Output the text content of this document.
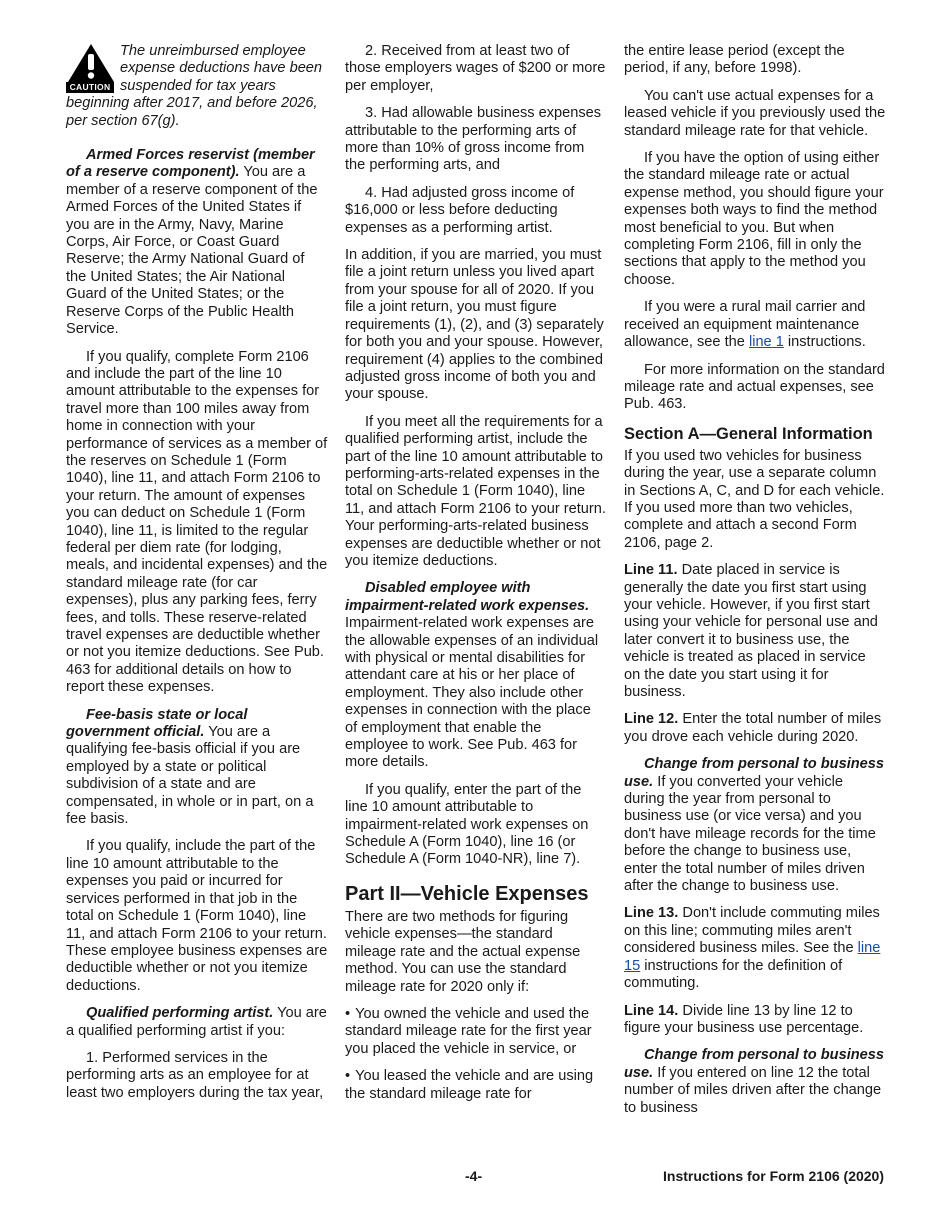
CAUTION
The unreimbursed employee expense deductions have been suspended for tax years beginning after 2017, and before 2026, per section 67(g).

Armed Forces reservist (member of a reserve component). You are a member of a reserve component of the Armed Forces of the United States if you are in the Army, Navy, Marine Corps, Air Force, or Coast Guard Reserve; the Army National Guard of the United States; the Air National Guard of the United States; or the Reserve Corps of the Public Health Service.

If you qualify, complete Form 2106 and include the part of the line 10 amount attributable to the expenses for travel more than 100 miles away from home in connection with your performance of services as a member of the reserves on Schedule 1 (Form 1040), line 11, and attach Form 2106 to your return. The amount of expenses you can deduct on Schedule 1 (Form 1040), line 11, is limited to the regular federal per diem rate (for lodging, meals, and incidental expenses) and the standard mileage rate (for car expenses), plus any parking fees, ferry fees, and tolls. These reserve-related travel expenses are deductible whether or not you itemize deductions. See Pub. 463 for additional details on how to report these expenses.

Fee-basis state or local government official. You are a qualifying fee-basis official if you are employed by a state or political subdivision of a state and are compensated, in whole or in part, on a fee basis.

If you qualify, include the part of the line 10 amount attributable to the expenses you paid or incurred for services performed in that job in the total on Schedule 1 (Form 1040), line 11, and attach Form 2106 to your return. These employee business expenses are deductible whether or not you itemize deductions.

Qualified performing artist. You are a qualified performing artist if you:

1. Performed services in the performing arts as an employee for at least two employers during the tax year,

2. Received from at least two of those employers wages of $200 or more per employer,

3. Had allowable business expenses attributable to the performing arts of more than 10% of gross income from the performing arts, and

4. Had adjusted gross income of $16,000 or less before deducting expenses as a performing artist.

In addition, if you are married, you must file a joint return unless you lived apart from your spouse for all of 2020. If you file a joint return, you must figure requirements (1), (2), and (3) separately for both you and your spouse. However, requirement (4) applies to the combined adjusted gross income of both you and your spouse.

If you meet all the requirements for a qualified performing artist, include the part of the line 10 amount attributable to performing-arts-related expenses in the total on Schedule 1 (Form 1040), line 11, and attach Form 2106 to your return. Your performing-arts-related business expenses are deductible whether or not you itemize deductions.

Disabled employee with impairment-related work expenses. Impairment-related work expenses are the allowable expenses of an individual with physical or mental disabilities for attendant care at his or her place of employment. They also include other expenses in connection with the place of employment that enable the employee to work. See Pub. 463 for more details.

If you qualify, enter the part of the line 10 amount attributable to impairment-related work expenses on Schedule A (Form 1040), line 16 (or Schedule A (Form 1040-NR), line 7).

Part II—Vehicle Expenses

There are two methods for figuring vehicle expenses—the standard mileage rate and the actual expense method. You can use the standard mileage rate for 2020 only if:

• You owned the vehicle and used the standard mileage rate for the first year you placed the vehicle in service, or

• You leased the vehicle and are using the standard mileage rate for

the entire lease period (except the period, if any, before 1998).

You can't use actual expenses for a leased vehicle if you previously used the standard mileage rate for that vehicle.

If you have the option of using either the standard mileage rate or actual expense method, you should figure your expenses both ways to find the method most beneficial to you. But when completing Form 2106, fill in only the sections that apply to the method you choose.

If you were a rural mail carrier and received an equipment maintenance allowance, see the line 1 instructions.

For more information on the standard mileage rate and actual expenses, see Pub. 463.

Section A—General Information

If you used two vehicles for business during the year, use a separate column in Sections A, C, and D for each vehicle. If you used more than two vehicles, complete and attach a second Form 2106, page 2.

Line 11. Date placed in service is generally the date you first start using your vehicle. However, if you first start using your vehicle for personal use and later convert it to business use, the vehicle is treated as placed in service on the date you start using it for business.

Line 12. Enter the total number of miles you drove each vehicle during 2020.

Change from personal to business use. If you converted your vehicle during the year from personal to business use (or vice versa) and you don't have mileage records for the time before the change to business use, enter the total number of miles driven after the change to business use.

Line 13. Don't include commuting miles on this line; commuting miles aren't considered business miles. See the line 15 instructions for the definition of commuting.

Line 14. Divide line 13 by line 12 to figure your business use percentage.

Change from personal to business use. If you entered on line 12 the total number of miles driven after the change to business

-4-	Instructions for Form 2106 (2020)
